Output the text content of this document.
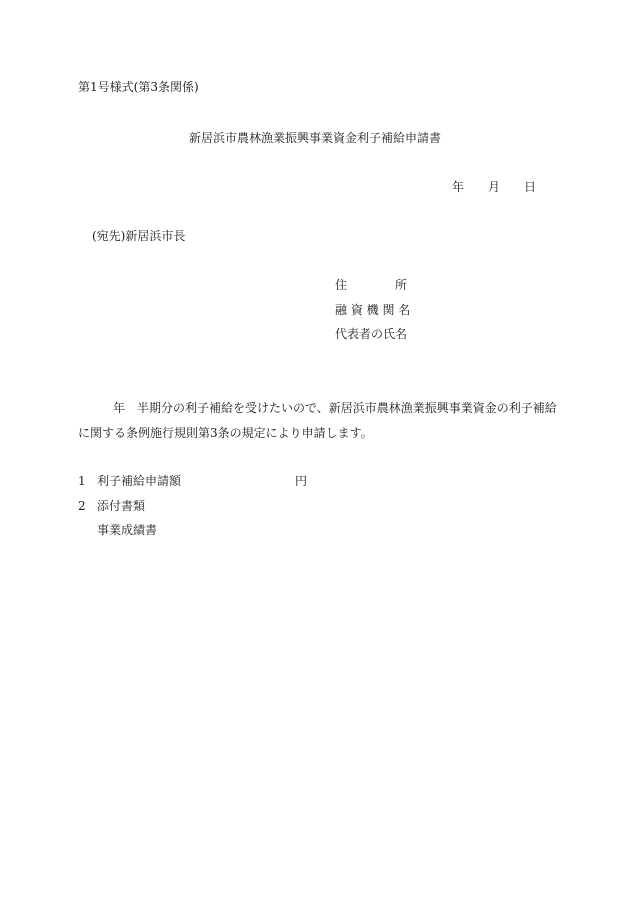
第1号様式(第3条関係)
新居浜市農林漁業振興事業資金利子補給申請書
年　　月　　日
(宛先)新居浜市長
住　　　　所
融 資 機 関 名
代表者の氏名
年　半期分の利子補給を受けたいので、新居浜市農林漁業振興事業資金の利子補給
に関する条例施行規則第3条の規定により申請します。
1 利子補給申請額	円
2 添付書類
事業成績書
